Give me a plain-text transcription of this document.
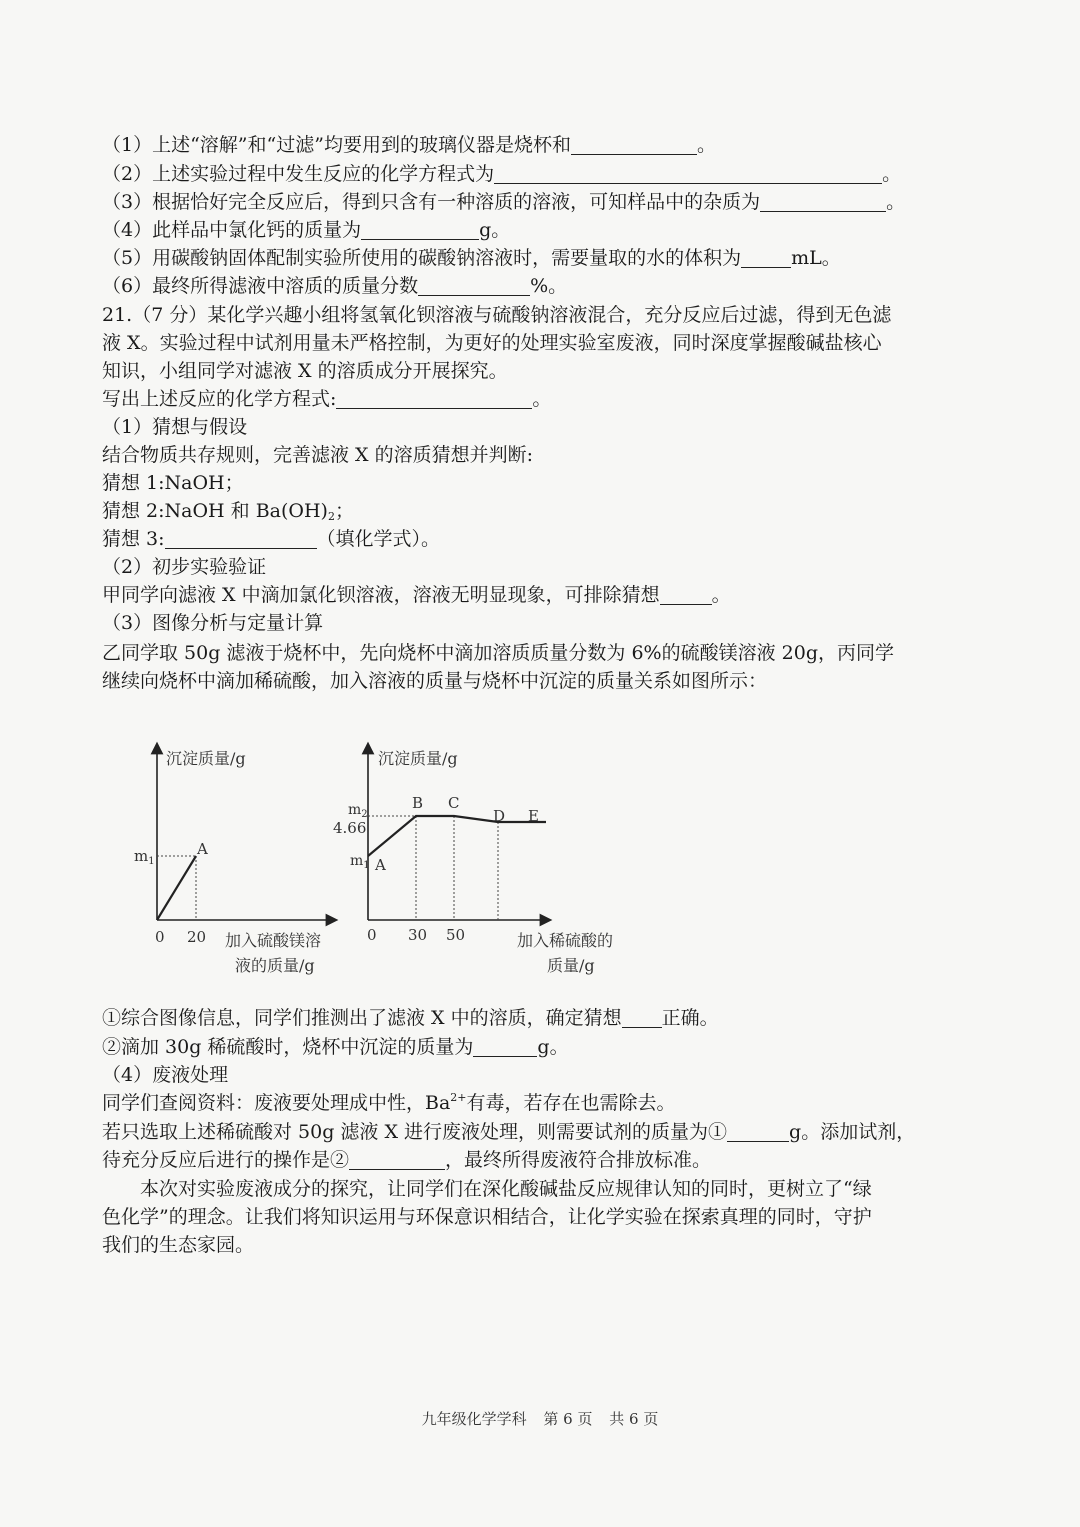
（1）上述“溶解”和“过滤”均要用到的玻璃仪器是烧杯和	。
（2）上述实验过程中发生反应的化学方程式为	。
（3）根据恰好完全反应后，得到只含有一种溶质的溶液，可知样品中的杂质为	。
（4）此样品中氯化钙的质量为	g。
（5）用碳酸钠固体配制实验所使用的碳酸钠溶液时，需要量取的水的体积为	mL。
（6）最终所得滤液中溶质的质量分数	%。
21.（7 分）某化学兴趣小组将氢氧化钡溶液与硫酸钠溶液混合，充分反应后过滤，得到无色滤
液 X。实验过程中试剂用量未严格控制，为更好的处理实验室废液，同时深度掌握酸碱盐核心
知识，小组同学对滤液 X 的溶质成分开展探究。
写出上述反应的化学方程式:	。
（1）猜想与假设
结合物质共存规则，完善滤液 X 的溶质猜想并判断:
猜想 1:NaOH；
猜想 2:NaOH 和 $Ba(OH)_2$；
猜想 3:	（填化学式）。
（2）初步实验验证
甲同学向滤液 X 中滴加氯化钡溶液，溶液无明显现象，可排除猜想	。
（3）图像分析与定量计算
乙同学取 50g 滤液于烧杯中，先向烧杯中滴加溶质质量分数为 6%的硫酸镁溶液 20g，丙同学
继续向烧杯中滴加稀硫酸，加入溶液的质量与烧杯中沉淀的质量关系如图所示：
沉淀质量/g
$m_1$
A
0 20 加入硫酸镁溶
液的质量/g
沉淀质量/g
$m_2$
4.66
$m_1$ A
B C
D E
0 30 50	加入稀硫酸的
质量/g
①综合图像信息，同学们推测出了滤液 X 中的溶质，确定猜想 正确。
②滴加 30g 稀硫酸时，烧杯中沉淀的质量为	g。
（4）废液处理
同学们查阅资料：废液要处理成中性，$Ba^{2+}$有毒，若存在也需除去。
若只选取上述稀硫酸对 50g 滤液 X 进行废液处理，则需要试剂的质量为①	g。添加试剂，
待充分反应后进行的操作是②	，最终所得废液符合排放标准。
本次对实验废液成分的探究，让同学们在深化酸碱盐反应规律认知的同时，更树立了“绿
色化学”的理念。让我们将知识运用与环保意识相结合，让化学实验在探索真理的同时，守护
我们的生态家园。
九年级化学学科 第 6 页 共 6 页
